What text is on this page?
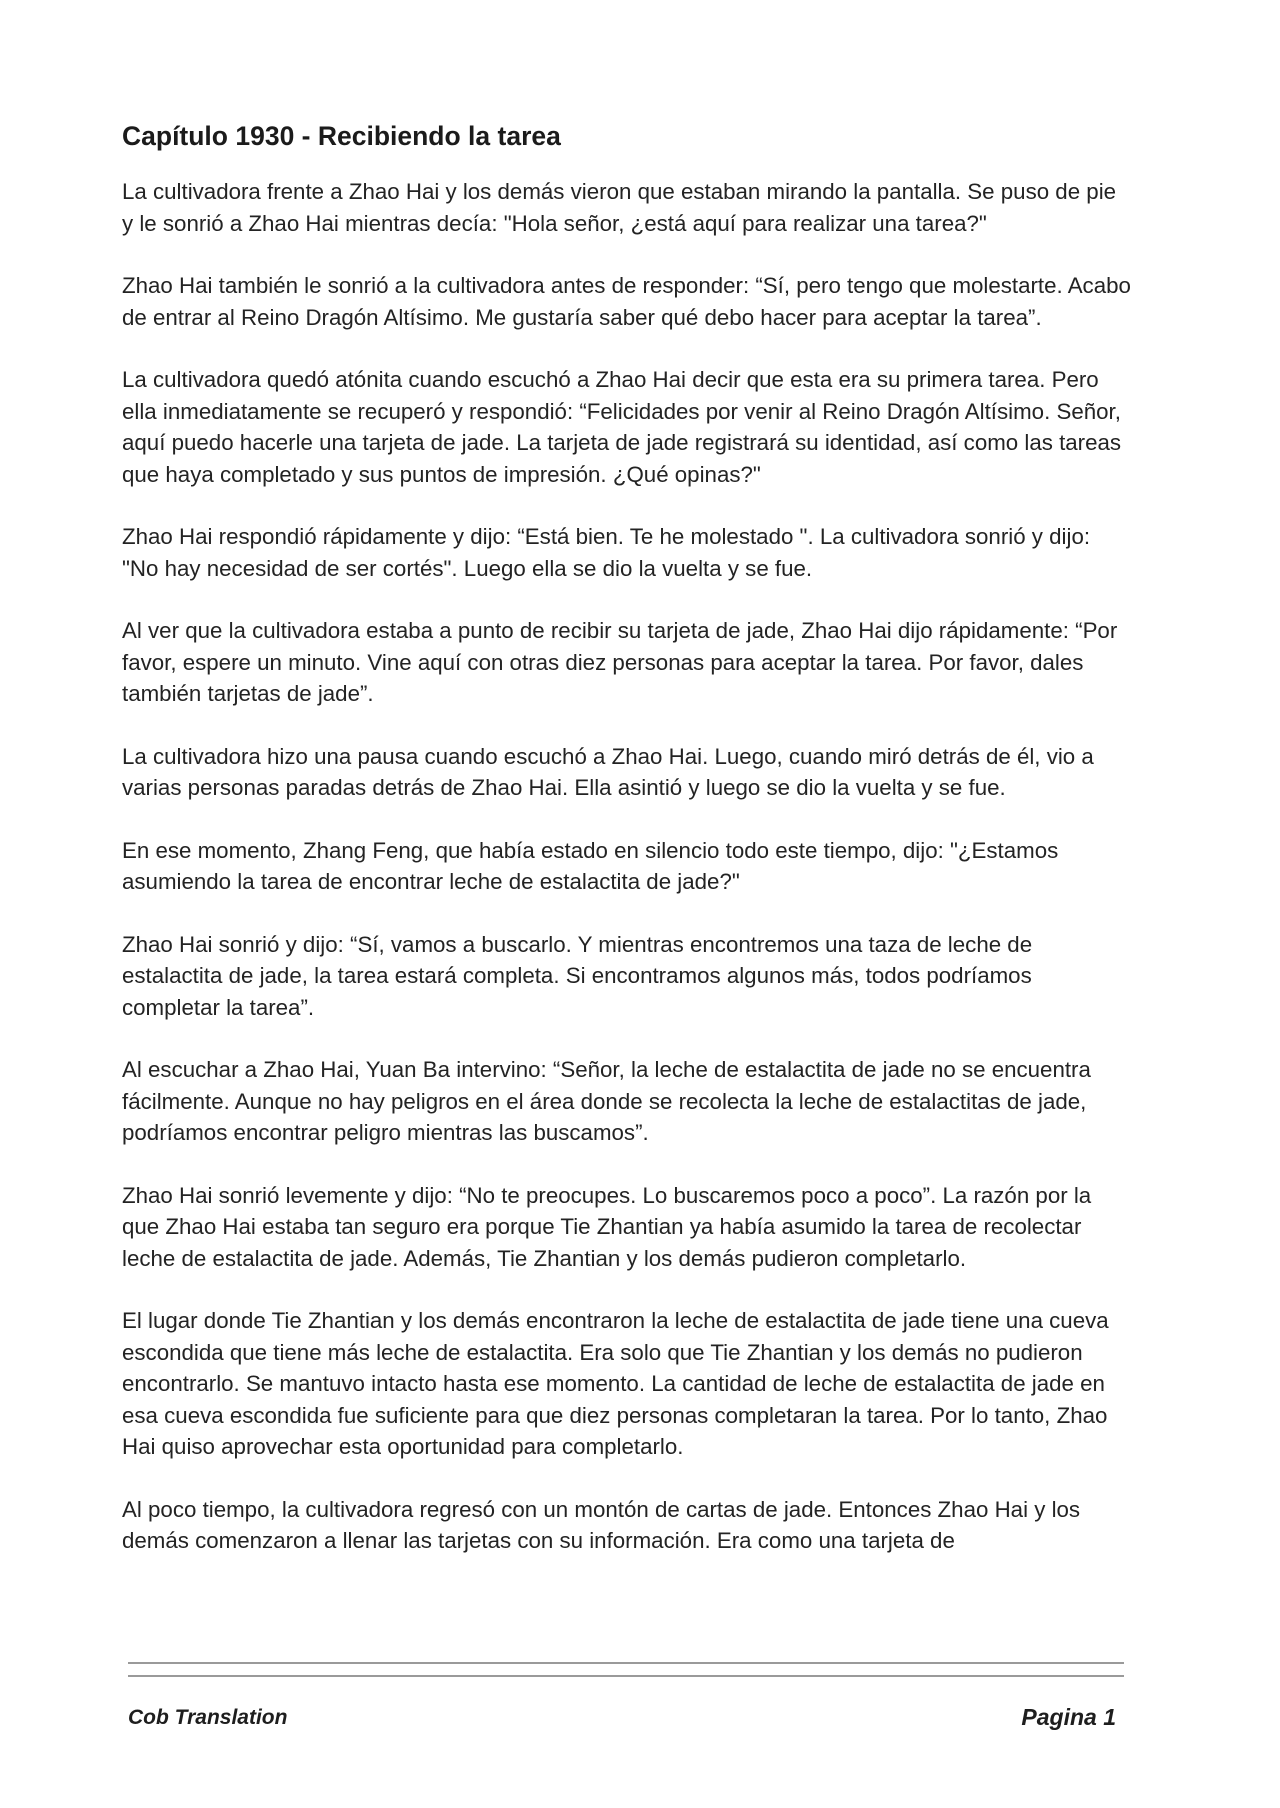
Capítulo 1930 - Recibiendo la tarea

La cultivadora frente a Zhao Hai y los demás vieron que estaban mirando la pantalla. Se puso de pie y le sonrió a Zhao Hai mientras decía: "Hola señor, ¿está aquí para realizar una tarea?"

Zhao Hai también le sonrió a la cultivadora antes de responder: “Sí, pero tengo que molestarte. Acabo de entrar al Reino Dragón Altísimo. Me gustaría saber qué debo hacer para aceptar la tarea”.

La cultivadora quedó atónita cuando escuchó a Zhao Hai decir que esta era su primera tarea. Pero ella inmediatamente se recuperó y respondió: “Felicidades por venir al Reino Dragón Altísimo. Señor, aquí puedo hacerle una tarjeta de jade. La tarjeta de jade registrará su identidad, así como las tareas que haya completado y sus puntos de impresión. ¿Qué opinas?"

Zhao Hai respondió rápidamente y dijo: “Está bien. Te he molestado ". La cultivadora sonrió y dijo: "No hay necesidad de ser cortés". Luego ella se dio la vuelta y se fue.

Al ver que la cultivadora estaba a punto de recibir su tarjeta de jade, Zhao Hai dijo rápidamente: “Por favor, espere un minuto. Vine aquí con otras diez personas para aceptar la tarea. Por favor, dales también tarjetas de jade”.

La cultivadora hizo una pausa cuando escuchó a Zhao Hai. Luego, cuando miró detrás de él, vio a varias personas paradas detrás de Zhao Hai. Ella asintió y luego se dio la vuelta y se fue.

En ese momento, Zhang Feng, que había estado en silencio todo este tiempo, dijo: "¿Estamos asumiendo la tarea de encontrar leche de estalactita de jade?"

Zhao Hai sonrió y dijo: “Sí, vamos a buscarlo. Y mientras encontremos una taza de leche de estalactita de jade, la tarea estará completa. Si encontramos algunos más, todos podríamos completar la tarea”.

Al escuchar a Zhao Hai, Yuan Ba intervino: “Señor, la leche de estalactita de jade no se encuentra fácilmente. Aunque no hay peligros en el área donde se recolecta la leche de estalactitas de jade, podríamos encontrar peligro mientras las buscamos”.

Zhao Hai sonrió levemente y dijo: “No te preocupes. Lo buscaremos poco a poco”. La razón por la que Zhao Hai estaba tan seguro era porque Tie Zhantian ya había asumido la tarea de recolectar leche de estalactita de jade. Además, Tie Zhantian y los demás pudieron completarlo.

El lugar donde Tie Zhantian y los demás encontraron la leche de estalactita de jade tiene una cueva escondida que tiene más leche de estalactita. Era solo que Tie Zhantian y los demás no pudieron encontrarlo. Se mantuvo intacto hasta ese momento. La cantidad de leche de estalactita de jade en esa cueva escondida fue suficiente para que diez personas completaran la tarea. Por lo tanto, Zhao Hai quiso aprovechar esta oportunidad para completarlo.

Al poco tiempo, la cultivadora regresó con un montón de cartas de jade. Entonces Zhao Hai y los demás comenzaron a llenar las tarjetas con su información. Era como una tarjeta de

Cob Translation	Pagina 1
